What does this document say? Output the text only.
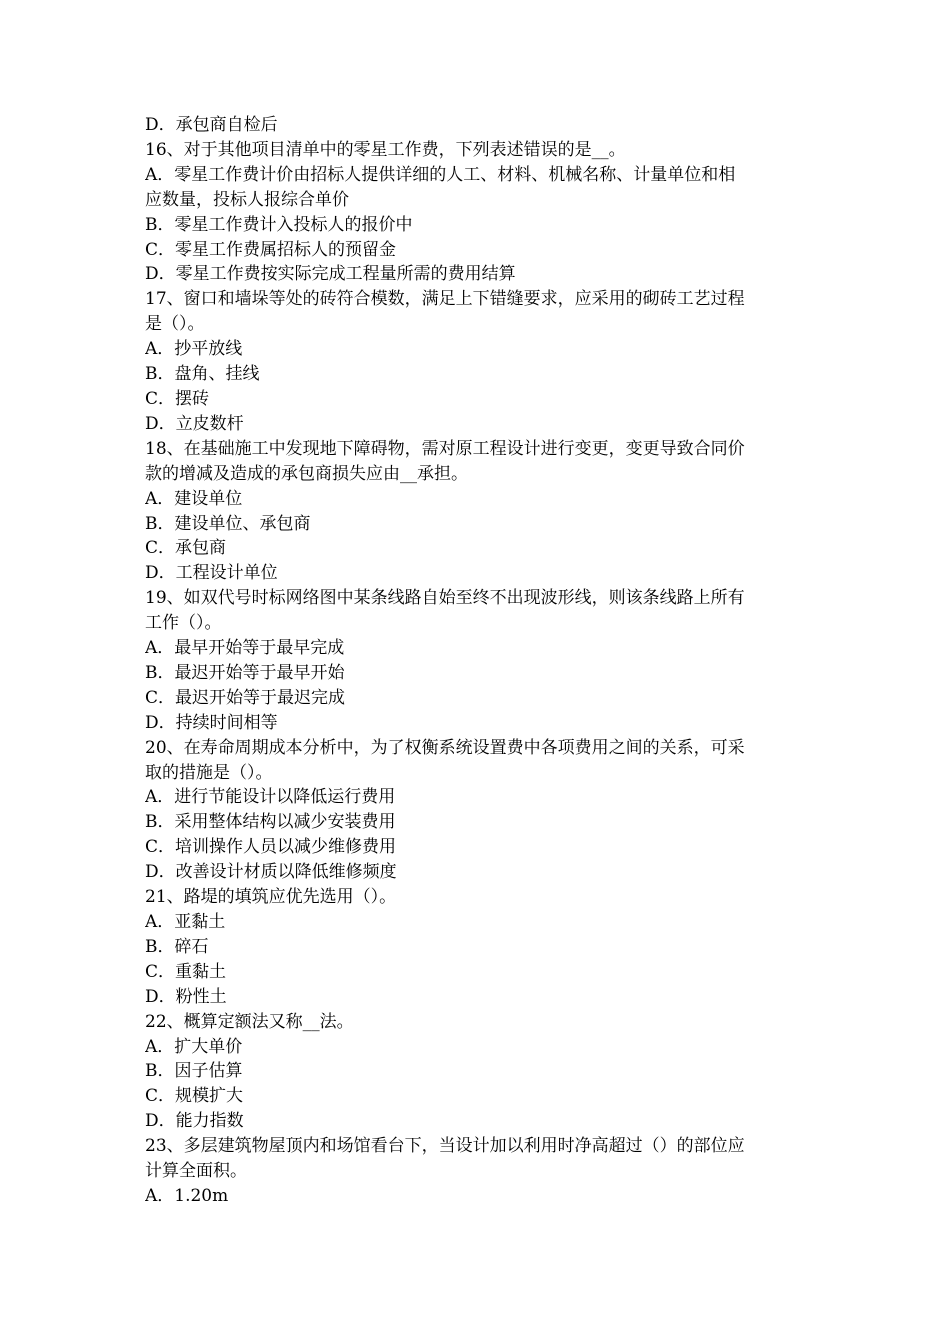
D．承包商自检后
16、对于其他项目清单中的零星工作费，下列表述错误的是__。
A．零星工作费计价由招标人提供详细的人工、材料、机械名称、计量单位和相
应数量，投标人报综合单价
B．零星工作费计入投标人的报价中
C．零星工作费属招标人的预留金
D．零星工作费按实际完成工程量所需的费用结算
17、窗口和墙垛等处的砖符合模数，满足上下错缝要求，应采用的砌砖工艺过程
是（）。
A．抄平放线
B．盘角、挂线
C．摆砖
D．立皮数杆
18、在基础施工中发现地下障碍物，需对原工程设计进行变更，变更导致合同价
款的增减及造成的承包商损失应由__承担。
A．建设单位
B．建设单位、承包商
C．承包商
D．工程设计单位
19、如双代号时标网络图中某条线路自始至终不出现波形线，则该条线路上所有
工作（）。
A．最早开始等于最早完成
B．最迟开始等于最早开始
C．最迟开始等于最迟完成
D．持续时间相等
20、在寿命周期成本分析中，为了权衡系统设置费中各项费用之间的关系，可采
取的措施是（）。
A．进行节能设计以降低运行费用
B．采用整体结构以减少安装费用
C．培训操作人员以减少维修费用
D．改善设计材质以降低维修频度
21、路堤的填筑应优先选用（）。
A．亚黏土
B．碎石
C．重黏土
D．粉性土
22、概算定额法又称__法。
A．扩大单价
B．因子估算
C．规模扩大
D．能力指数
23、多层建筑物屋顶内和场馆看台下，当设计加以利用时净高超过（）的部位应
计算全面积。
A．1.20m
